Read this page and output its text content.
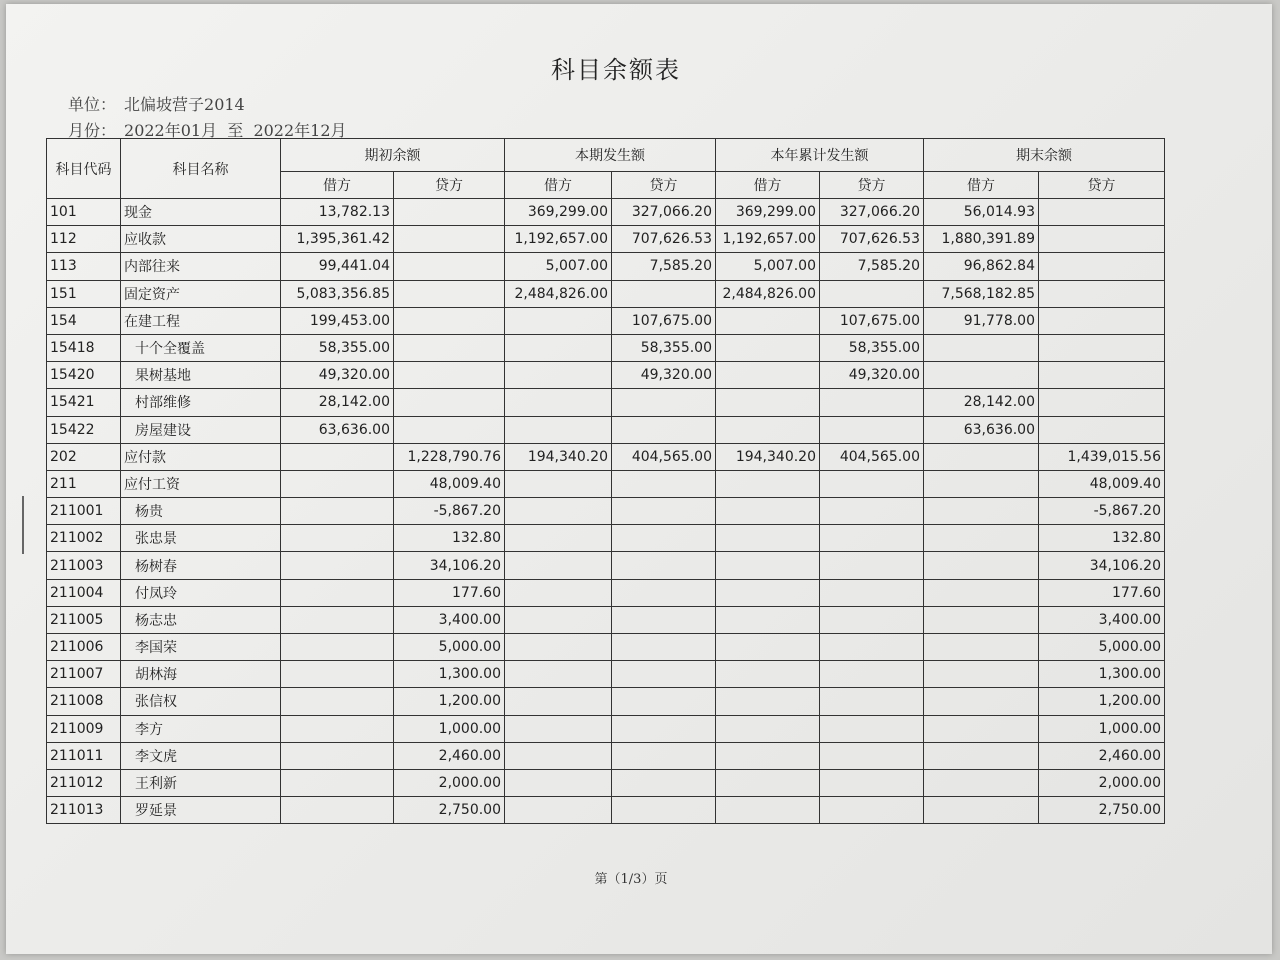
科目余额表
单位： 北偏坡营子2014
月份： 2022年01月  至  2022年12月
科目代码	科目名称	期初余额		本期发生额		本年累计发生额		期末余额	
		借方	贷方	借方	贷方	借方	贷方	借方	贷方
101	现金	13,782.13		369,299.00	327,066.20	369,299.00	327,066.20	56,014.93	
112	应收款	1,395,361.42		1,192,657.00	707,626.53	1,192,657.00	707,626.53	1,880,391.89	
113	内部往来	99,441.04		5,007.00	7,585.20	5,007.00	7,585.20	96,862.84	
151	固定资产	5,083,356.85		2,484,826.00		2,484,826.00		7,568,182.85	
154	在建工程	199,453.00			107,675.00		107,675.00	91,778.00	
15418	十个全覆盖	58,355.00			58,355.00		58,355.00		
15420	果树基地	49,320.00			49,320.00		49,320.00		
15421	村部维修	28,142.00						28,142.00	
15422	房屋建设	63,636.00						63,636.00	
202	应付款		1,228,790.76	194,340.20	404,565.00	194,340.20	404,565.00		1,439,015.56
211	应付工资		48,009.40						48,009.40
211001	杨贵		-5,867.20						-5,867.20
211002	张忠景		132.80						132.80
211003	杨树春		34,106.20						34,106.20
211004	付凤玲		177.60						177.60
211005	杨志忠		3,400.00						3,400.00
211006	李国荣		5,000.00						5,000.00
211007	胡林海		1,300.00						1,300.00
211008	张信权		1,200.00						1,200.00
211009	李方		1,000.00						1,000.00
211011	李文虎		2,460.00						2,460.00
211012	王利新		2,000.00						2,000.00
211013	罗延景		2,750.00						2,750.00
第（1/3）页
